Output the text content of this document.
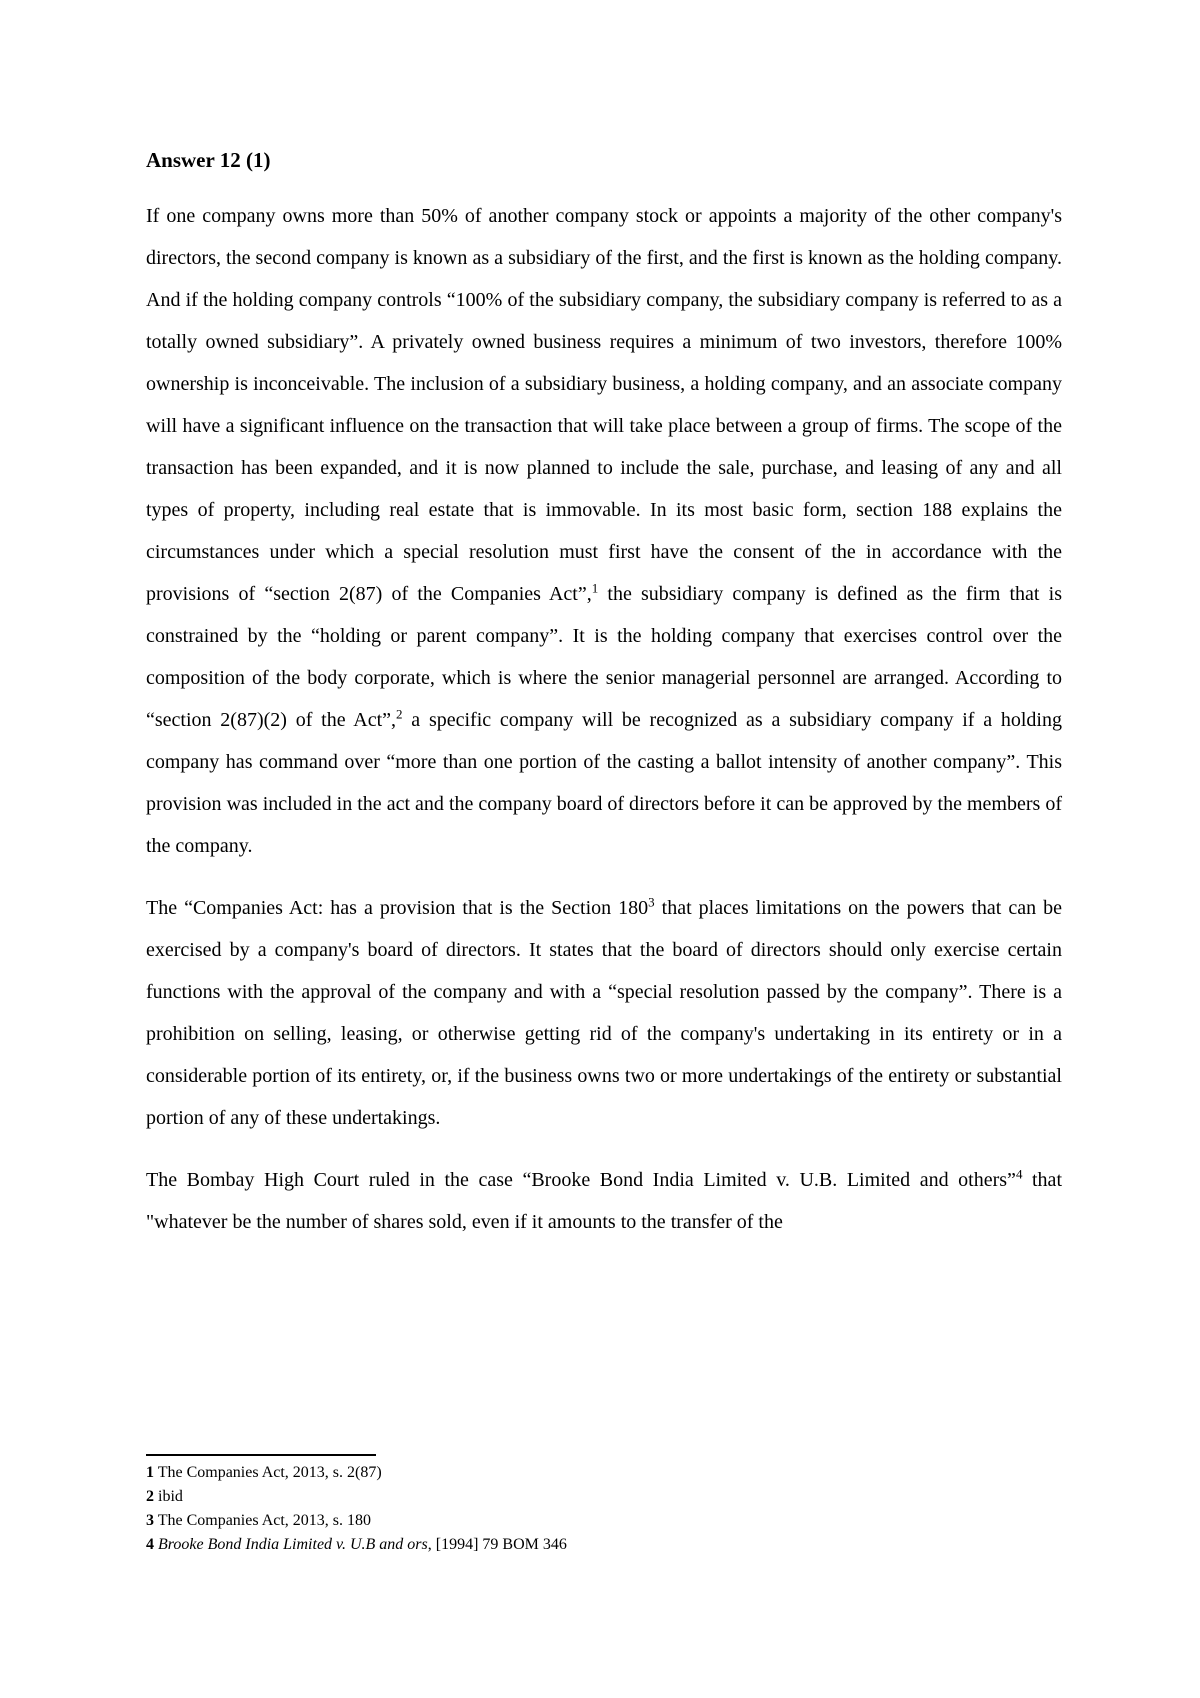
Answer 12 (1)

If one company owns more than 50% of another company stock or appoints a majority of the other company's directors, the second company is known as a subsidiary of the first, and the first is known as the holding company. And if the holding company controls “100% of the subsidiary company, the subsidiary company is referred to as a totally owned subsidiary”. A privately owned business requires a minimum of two investors, therefore 100% ownership is inconceivable. The inclusion of a subsidiary business, a holding company, and an associate company will have a significant influence on the transaction that will take place between a group of firms. The scope of the transaction has been expanded, and it is now planned to include the sale, purchase, and leasing of any and all types of property, including real estate that is immovable. In its most basic form, section 188 explains the circumstances under which a special resolution must first have the consent of the in accordance with the provisions of “section 2(87) of the Companies Act”,$^1$ the subsidiary company is defined as the firm that is constrained by the “holding or parent company”. It is the holding company that exercises control over the composition of the body corporate, which is where the senior managerial personnel are arranged. According to “section 2(87)(2) of the Act”,$^2$ a specific company will be recognized as a subsidiary company if a holding company has command over “more than one portion of the casting a ballot intensity of another company”. This provision was included in the act and the company board of directors before it can be approved by the members of the company.

The “Companies Act: has a provision that is the Section $180^3$ that places limitations on the powers that can be exercised by a company's board of directors. It states that the board of directors should only exercise certain functions with the approval of the company and with a “special resolution passed by the company”. There is a prohibition on selling, leasing, or otherwise getting rid of the company's undertaking in its entirety or in a considerable portion of its entirety, or, if the business owns two or more undertakings of the entirety or substantial portion of any of these undertakings.

The Bombay High Court ruled in the case “Brooke Bond India Limited v. U.B. Limited and others”$^4$ that "whatever be the number of shares sold, even if it amounts to the transfer of the

1 The Companies Act, 2013, s. 2(87)

2 ibid

3 The Companies Act, 2013, s. 180

4 Brooke Bond India Limited v. U.B and ors, [1994] 79 BOM 346
